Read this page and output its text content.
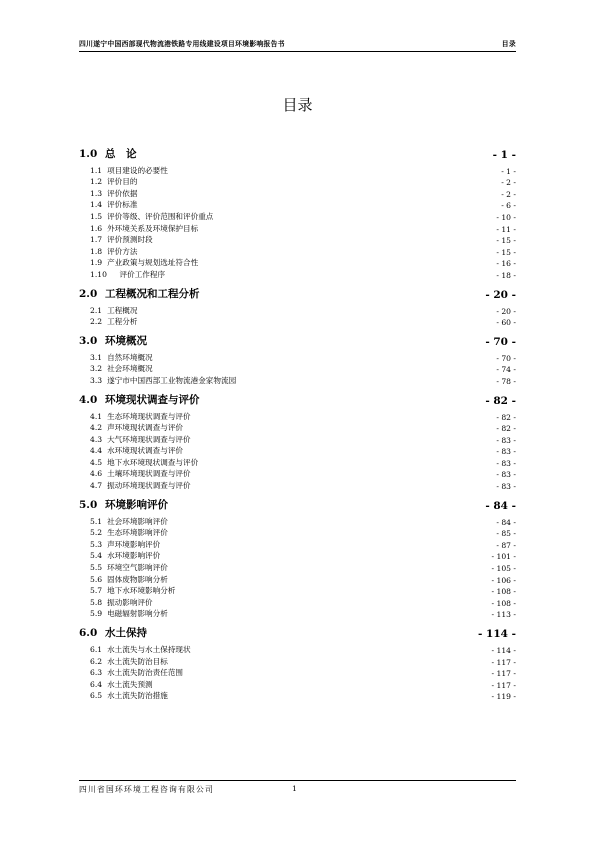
四川遂宁中国西部现代物流港铁路专用线建设项目环境影响报告书	目录
目录
1.0 总　论	- 1 -
1.1 项目建设的必要性	- 1 -
1.2 评价目的	- 2 -
1.3 评价依据	- 2 -
1.4 评价标准	- 6 -
1.5 评价等级、评价范围和评价重点	- 10 -
1.6 外环境关系及环境保护目标	- 11 -
1.7 评价预测时段	- 15 -
1.8 评价方法	- 15 -
1.9 产业政策与规划选址符合性	- 16 -
1.10　评价工作程序	- 18 -
2.0 工程概况和工程分析	- 20 -
2.1 工程概况	- 20 -
2.2 工程分析	- 60 -
3.0 环境概况	- 70 -
3.1 自然环境概况	- 70 -
3.2 社会环境概况	- 74 -
3.3 遂宁市中国西部工业物流港金家物流园	- 78 -
4.0 环境现状调查与评价	- 82 -
4.1 生态环境现状调查与评价	- 82 -
4.2 声环境现状调查与评价	- 82 -
4.3 大气环境现状调查与评价	- 83 -
4.4 水环境现状调查与评价	- 83 -
4.5 地下水环境现状调查与评价	- 83 -
4.6 土壤环境现状调查与评价	- 83 -
4.7 振动环境现状调查与评价	- 83 -
5.0 环境影响评价	- 84 -
5.1 社会环境影响评价	- 84 -
5.2 生态环境影响评价	- 85 -
5.3 声环境影响评价	- 87 -
5.4 水环境影响评价	- 101 -
5.5 环境空气影响评价	- 105 -
5.6 固体废物影响分析	- 106 -
5.7 地下水环境影响分析	- 108 -
5.8 振动影响评价	- 108 -
5.9 电磁辐射影响分析	- 113 -
6.0 水土保持	- 114 -
6.1 水土流失与水土保持现状	- 114 -
6.2 水土流失防治目标	- 117 -
6.3 水土流失防治责任范围	- 117 -
6.4 水土流失预测	- 117 -
6.5 水土流失防治措施	- 119 -
四川省国环环境工程咨询有限公司	1
